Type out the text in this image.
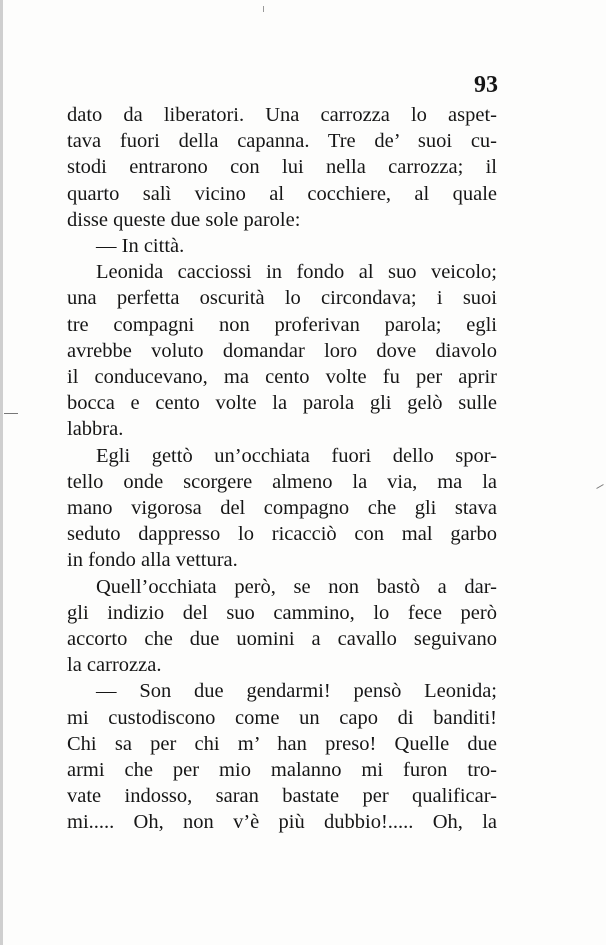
93
dato da liberatori. Una carrozza lo aspet-
tava fuori della capanna. Tre de’ suoi cu-
stodi entrarono con lui nella carrozza; il
quarto salì vicino al cocchiere, al quale
disse queste due sole parole:
— In città.
Leonida cacciossi in fondo al suo veicolo;
una perfetta oscurità lo circondava; i suoi
tre compagni non proferivan parola; egli
avrebbe voluto domandar loro dove diavolo
il conducevano, ma cento volte fu per aprir
bocca e cento volte la parola gli gelò sulle
labbra.
Egli gettò un’occhiata fuori dello spor-
tello onde scorgere almeno la via, ma la
mano vigorosa del compagno che gli stava
seduto dappresso lo ricacciò con mal garbo
in fondo alla vettura.
Quell’occhiata però, se non bastò a dar-
gli indizio del suo cammino, lo fece però
accorto che due uomini a cavallo seguivano
la carrozza.
— Son due gendarmi! pensò Leonida;
mi custodiscono come un capo di banditi!
Chi sa per chi m’ han preso! Quelle due
armi che per mio malanno mi furon tro-
vate indosso, saran bastate per qualificar-
mi..... Oh, non v’è più dubbio!..... Oh, la
